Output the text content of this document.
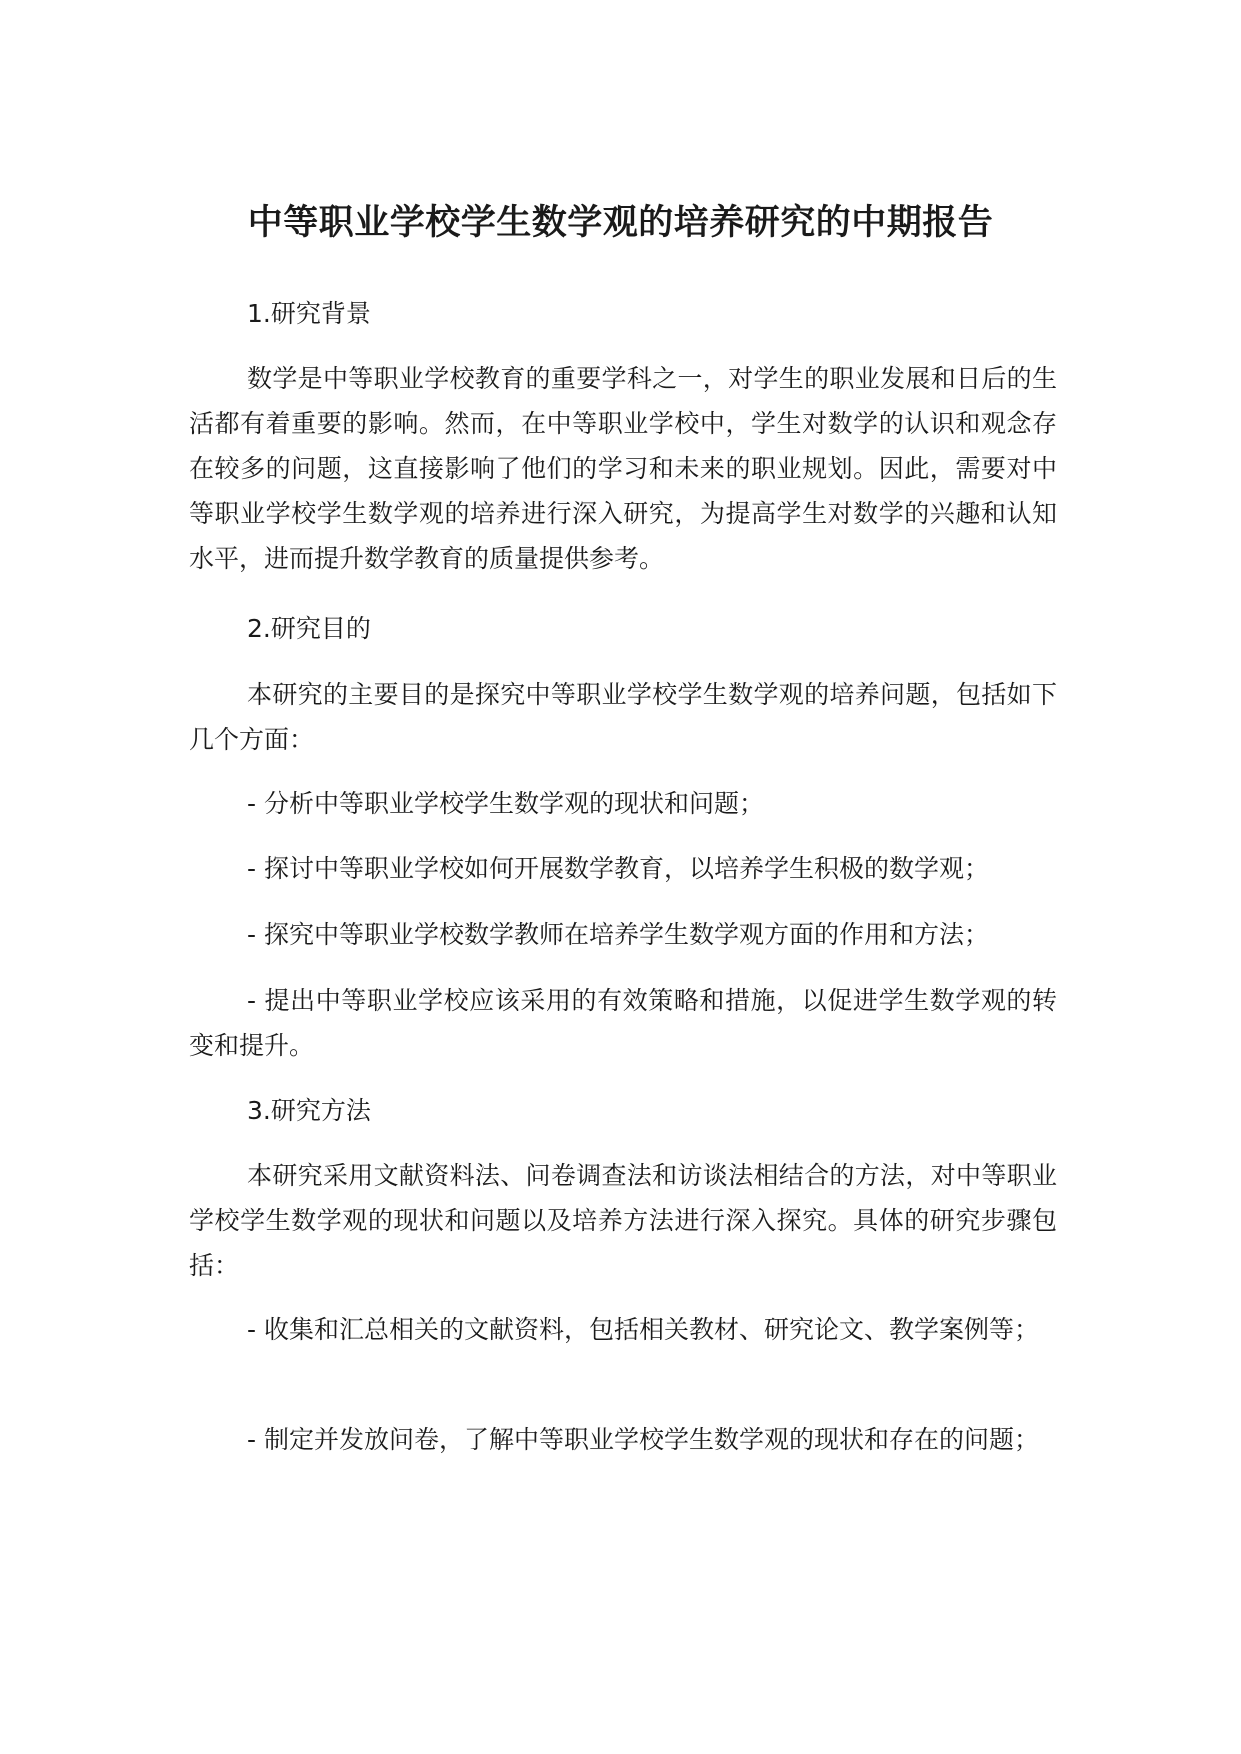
中等职业学校学生数学观的培养研究的中期报告

1.研究背景

数学是中等职业学校教育的重要学科之一，对学生的职业发展和日后的生活都有着重要的影响。然而，在中等职业学校中，学生对数学的认识和观念存在较多的问题，这直接影响了他们的学习和未来的职业规划。因此，需要对中等职业学校学生数学观的培养进行深入研究，为提高学生对数学的兴趣和认知水平，进而提升数学教育的质量提供参考。

2.研究目的

本研究的主要目的是探究中等职业学校学生数学观的培养问题，包括如下几个方面：

- 分析中等职业学校学生数学观的现状和问题；

- 探讨中等职业学校如何开展数学教育，以培养学生积极的数学观；

- 探究中等职业学校数学教师在培养学生数学观方面的作用和方法；

- 提出中等职业学校应该采用的有效策略和措施，以促进学生数学观的转变和提升。

3.研究方法

本研究采用文献资料法、问卷调查法和访谈法相结合的方法，对中等职业学校学生数学观的现状和问题以及培养方法进行深入探究。具体的研究步骤包括：

- 收集和汇总相关的文献资料，包括相关教材、研究论文、教学案例等；

- 制定并发放问卷，了解中等职业学校学生数学观的现状和存在的问题；
